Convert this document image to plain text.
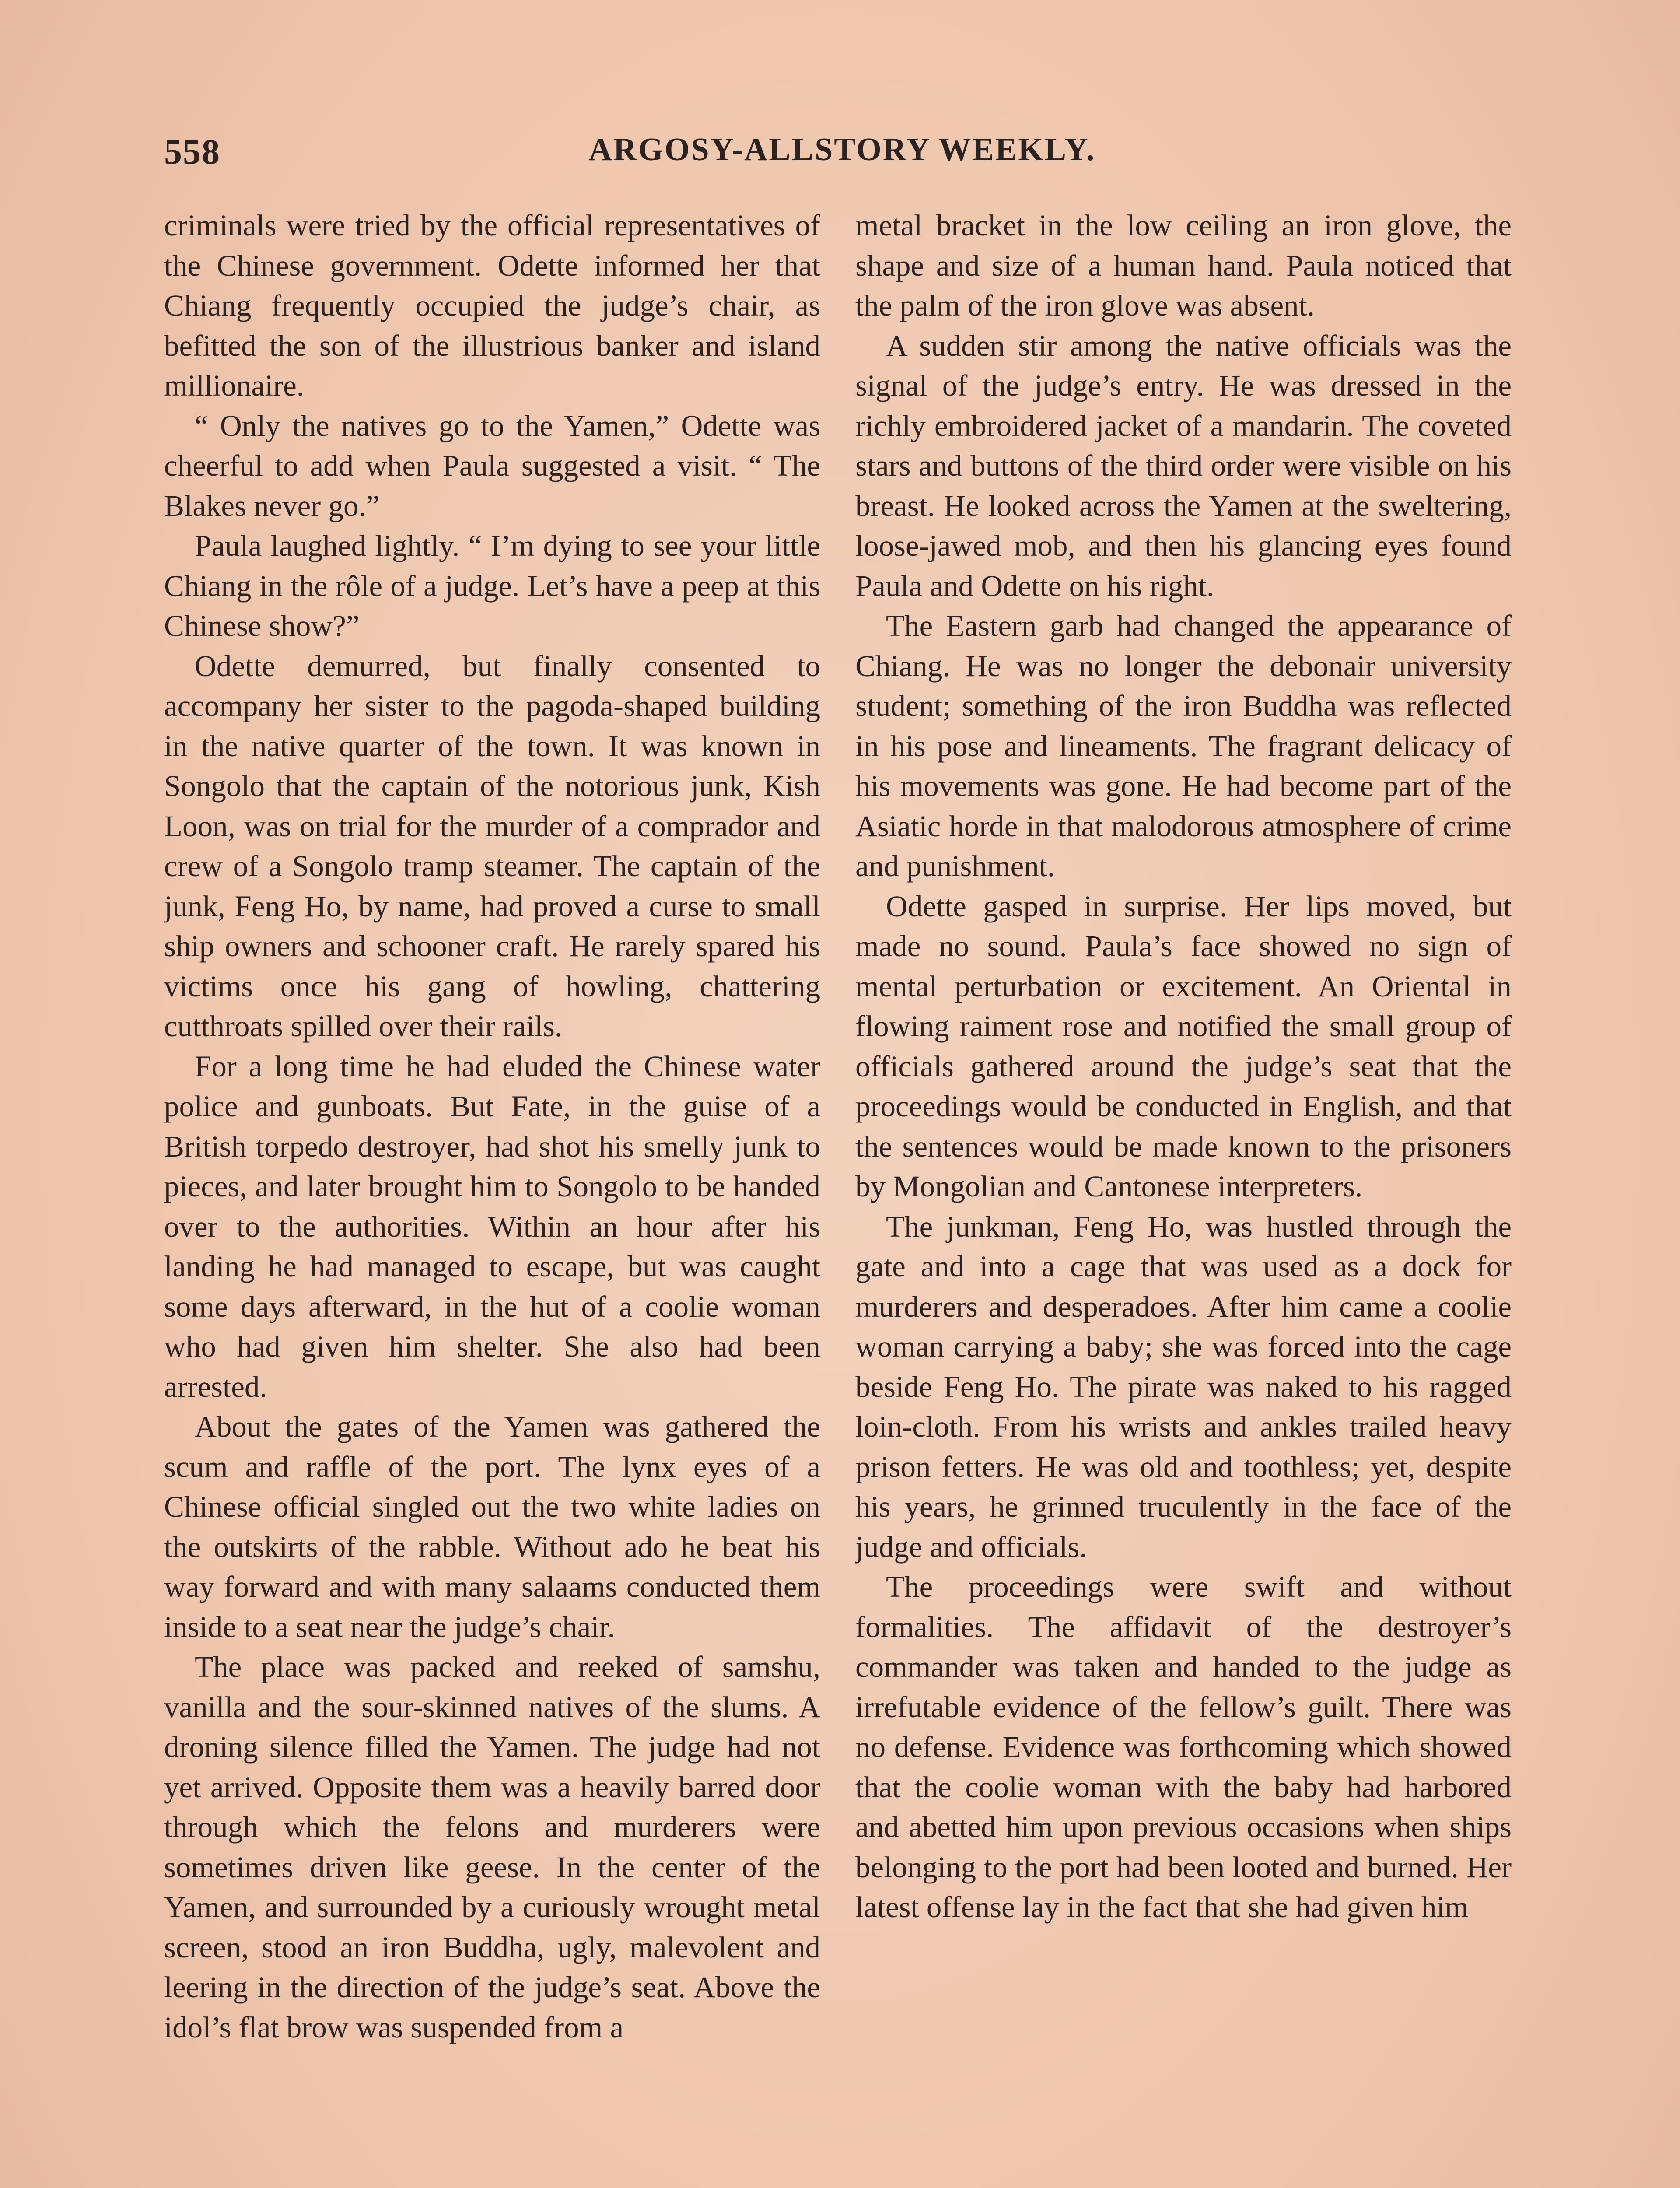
558	ARGOSY-ALLSTORY WEEKLY.

criminals were tried by the official representatives of the Chinese government. Odette informed her that Chiang frequently occupied the judge’s chair, as befitted the son of the illustrious banker and island millionaire.

“ Only the natives go to the Yamen,” Odette was cheerful to add when Paula suggested a visit. “ The Blakes never go.”

Paula laughed lightly. “ I’m dying to see your little Chiang in the rôle of a judge. Let’s have a peep at this Chinese show?”

Odette demurred, but finally consented to accompany her sister to the pagoda-shaped building in the native quarter of the town. It was known in Songolo that the captain of the notorious junk, Kish Loon, was on trial for the murder of a comprador and crew of a Songolo tramp steamer. The captain of the junk, Feng Ho, by name, had proved a curse to small ship owners and schooner craft. He rarely spared his victims once his gang of howling, chattering cutthroats spilled over their rails.

For a long time he had eluded the Chinese water police and gunboats. But Fate, in the guise of a British torpedo destroyer, had shot his smelly junk to pieces, and later brought him to Songolo to be handed over to the authorities. Within an hour after his landing he had managed to escape, but was caught some days afterward, in the hut of a coolie woman who had given him shelter. She also had been arrested.

About the gates of the Yamen was gathered the scum and raffle of the port. The lynx eyes of a Chinese official singled out the two white ladies on the outskirts of the rabble. Without ado he beat his way forward and with many salaams conducted them inside to a seat near the judge’s chair.

The place was packed and reeked of samshu, vanilla and the sour-skinned natives of the slums. A droning silence filled the Yamen. The judge had not yet arrived. Opposite them was a heavily barred door through which the felons and murderers were sometimes driven like geese. In the center of the Yamen, and surrounded by a curiously wrought metal screen, stood an iron Buddha, ugly, malevolent and leering in the direction of the judge’s seat. Above the idol’s flat brow was suspended from a

metal bracket in the low ceiling an iron glove, the shape and size of a human hand. Paula noticed that the palm of the iron glove was absent.

A sudden stir among the native officials was the signal of the judge’s entry. He was dressed in the richly embroidered jacket of a mandarin. The coveted stars and buttons of the third order were visible on his breast. He looked across the Yamen at the sweltering, loose-jawed mob, and then his glancing eyes found Paula and Odette on his right.

The Eastern garb had changed the appearance of Chiang. He was no longer the debonair university student; something of the iron Buddha was reflected in his pose and lineaments. The fragrant delicacy of his movements was gone. He had become part of the Asiatic horde in that malodorous atmosphere of crime and punishment.

Odette gasped in surprise. Her lips moved, but made no sound. Paula’s face showed no sign of mental perturbation or excitement. An Oriental in flowing raiment rose and notified the small group of officials gathered around the judge’s seat that the proceedings would be conducted in English, and that the sentences would be made known to the prisoners by Mongolian and Cantonese interpreters.

The junkman, Feng Ho, was hustled through the gate and into a cage that was used as a dock for murderers and desperadoes. After him came a coolie woman carrying a baby; she was forced into the cage beside Feng Ho. The pirate was naked to his ragged loin-cloth. From his wrists and ankles trailed heavy prison fetters. He was old and toothless; yet, despite his years, he grinned truculently in the face of the judge and officials.

The proceedings were swift and without formalities. The affidavit of the destroyer’s commander was taken and handed to the judge as irrefutable evidence of the fellow’s guilt. There was no defense. Evidence was forthcoming which showed that the coolie woman with the baby had harbored and abetted him upon previous occasions when ships belonging to the port had been looted and burned. Her latest offense lay in the fact that she had given him
